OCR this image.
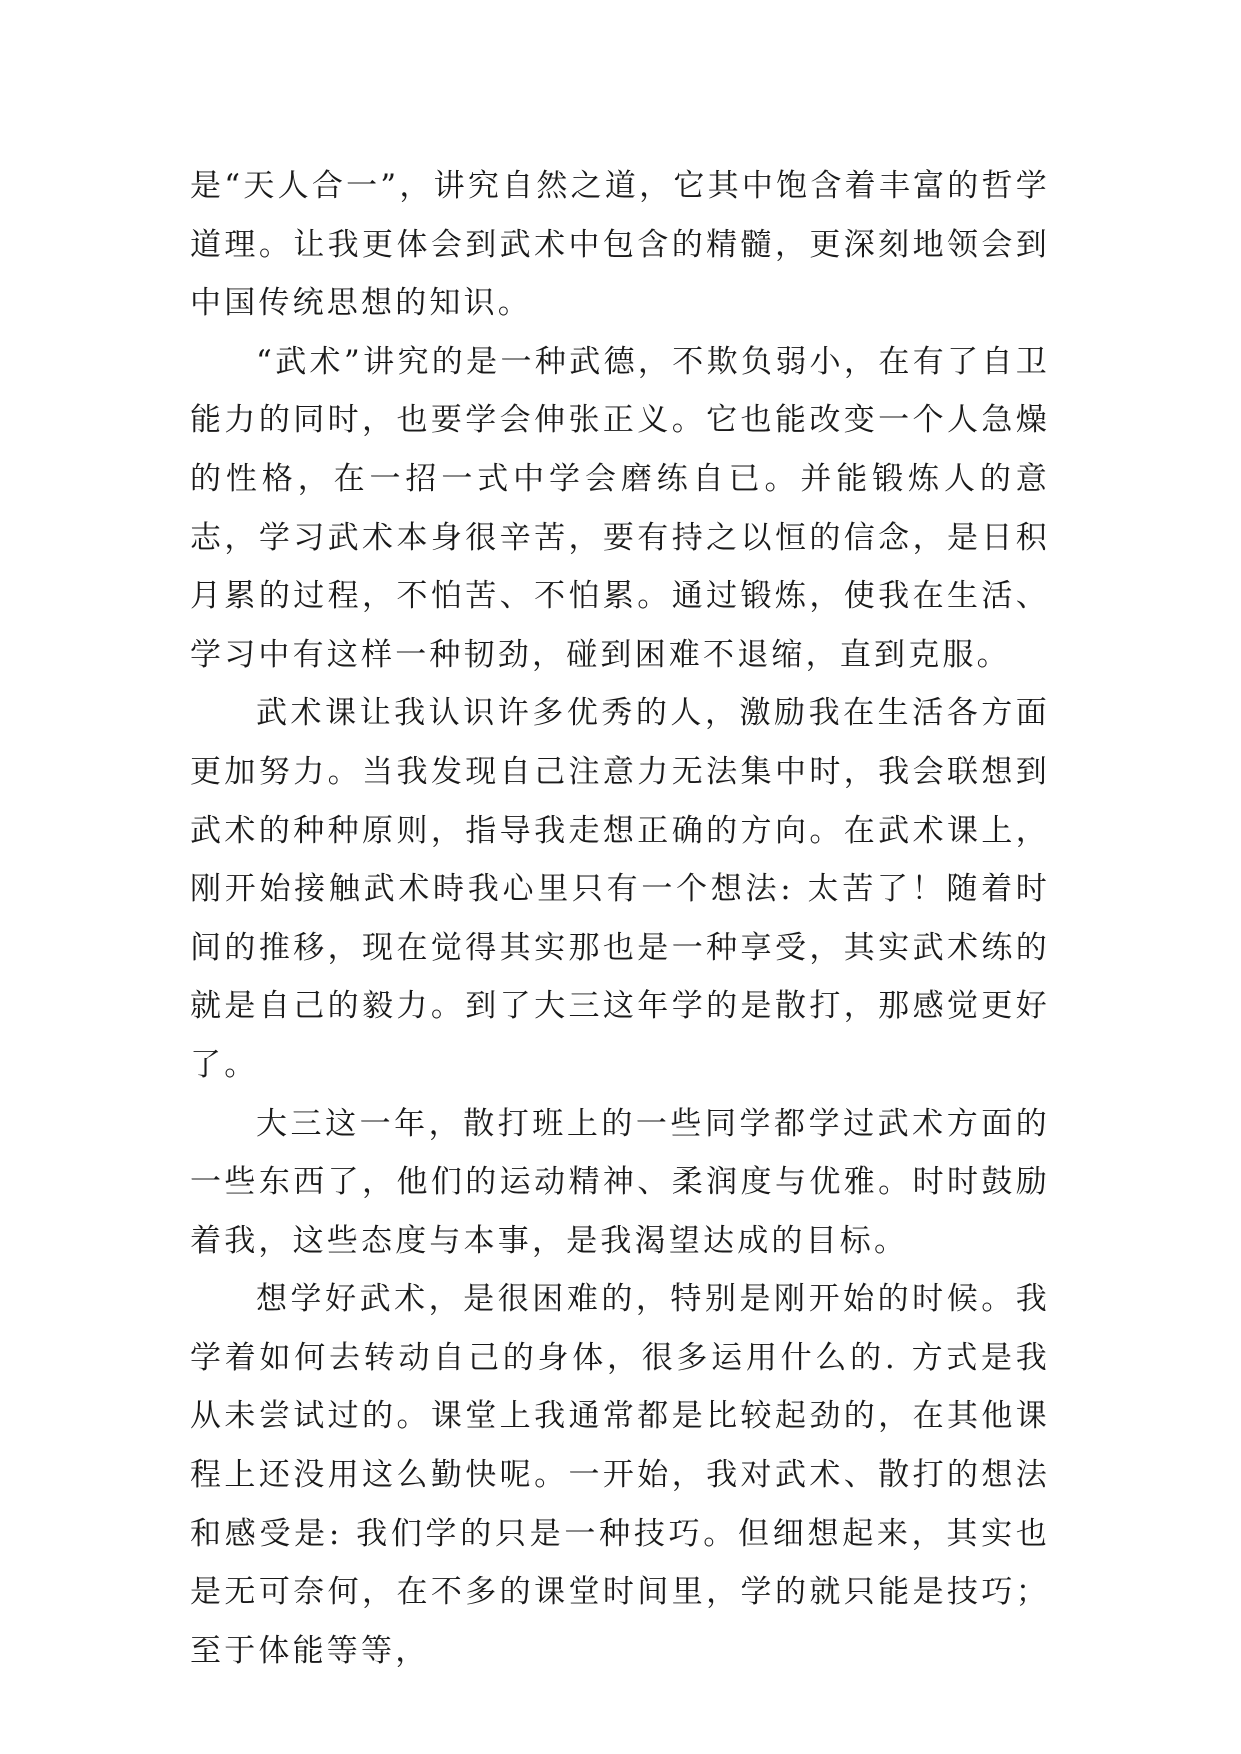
是“天人合一”，讲究自然之道，它其中饱含着丰富的哲学道理。让我更体会到武术中包含的精髓，更深刻地领会到中国传统思想的知识。

“武术”讲究的是一种武德，不欺负弱小，在有了自卫能力的同时，也要学会伸张正义。它也能改变一个人急燥的性格，在一招一式中学会磨练自已。并能锻炼人的意志，学习武术本身很辛苦，要有持之以恒的信念，是日积月累的过程，不怕苦、不怕累。通过锻炼，使我在生活、学习中有这样一种韧劲，碰到困难不退缩，直到克服。

武术课让我认识许多优秀的人，激励我在生活各方面更加努力。当我发现自己注意力无法集中时，我会联想到武术的种种原则，指导我走想正确的方向。在武术课上，刚开始接触武术時我心里只有一个想法: 太苦了！随着时间的推移，现在觉得其实那也是一种享受，其实武术练的就是自己的毅力。到了大三这年学的是散打，那感觉更好了。

大三这一年，散打班上的一些同学都学过武术方面的一些东西了，他们的运动精神、柔润度与优雅。时时鼓励着我，这些态度与本事，是我渴望达成的目标。

想学好武术，是很困难的，特别是刚开始的时候。我学着如何去转动自己的身体，很多运用什么的. 方式是我从未尝试过的。课堂上我通常都是比较起劲的，在其他课程上还没用这么勤快呢。一开始，我对武术、散打的想法和感受是: 我们学的只是一种技巧。但细想起来，其实也是无可奈何，在不多的课堂时间里，学的就只能是技巧；至于体能等等，
